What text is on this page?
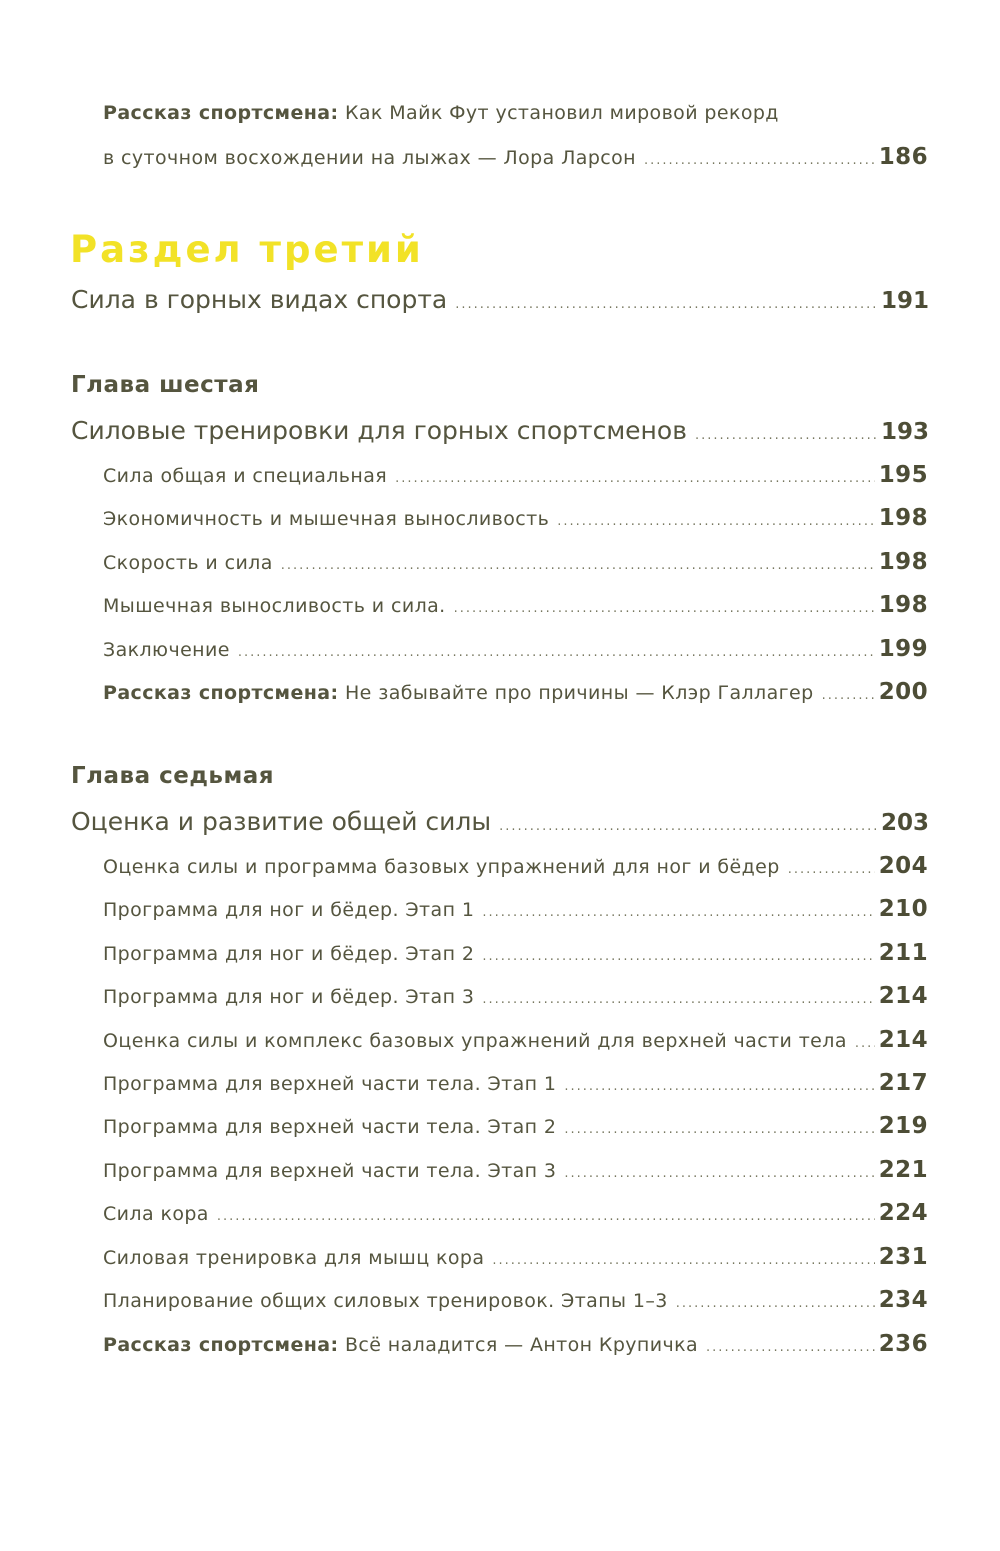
Рассказ спортсмена: Как Майк Фут установил мировой рекорд
в суточном восхождении на лыжах — Лора Ларсон .....	186
Раздел третий
Сила в горных видах спорта .....	191
Глава шестая
Силовые тренировки для горных спортсменов .....	193
Сила общая и специальная .....	195
Экономичность и мышечная выносливость .....	198
Скорость и сила .....	198
Мышечная выносливость и сила. .....	198
Заключение .....	199
Рассказ спортсмена: Не забывайте про причины — Клэр Галлагер .....	200
Глава седьмая
Оценка и развитие общей силы .....	203
Оценка силы и программа базовых упражнений для ног и бёдер .....	204
Программа для ног и бёдер. Этап 1 .....	210
Программа для ног и бёдер. Этап 2 .....	211
Программа для ног и бёдер. Этап 3 .....	214
Оценка силы и комплекс базовых упражнений для верхней части тела ..... 214
Программа для верхней части тела. Этап 1 .....	217
Программа для верхней части тела. Этап 2 .....	219
Программа для верхней части тела. Этап 3 .....	221
Сила кора .....	224
Силовая тренировка для мышц кора .....	231
Планирование общих силовых тренировок. Этапы 1–3 .....	234
Рассказ спортсмена: Всё наладится — Антон Крупичка .....	236
